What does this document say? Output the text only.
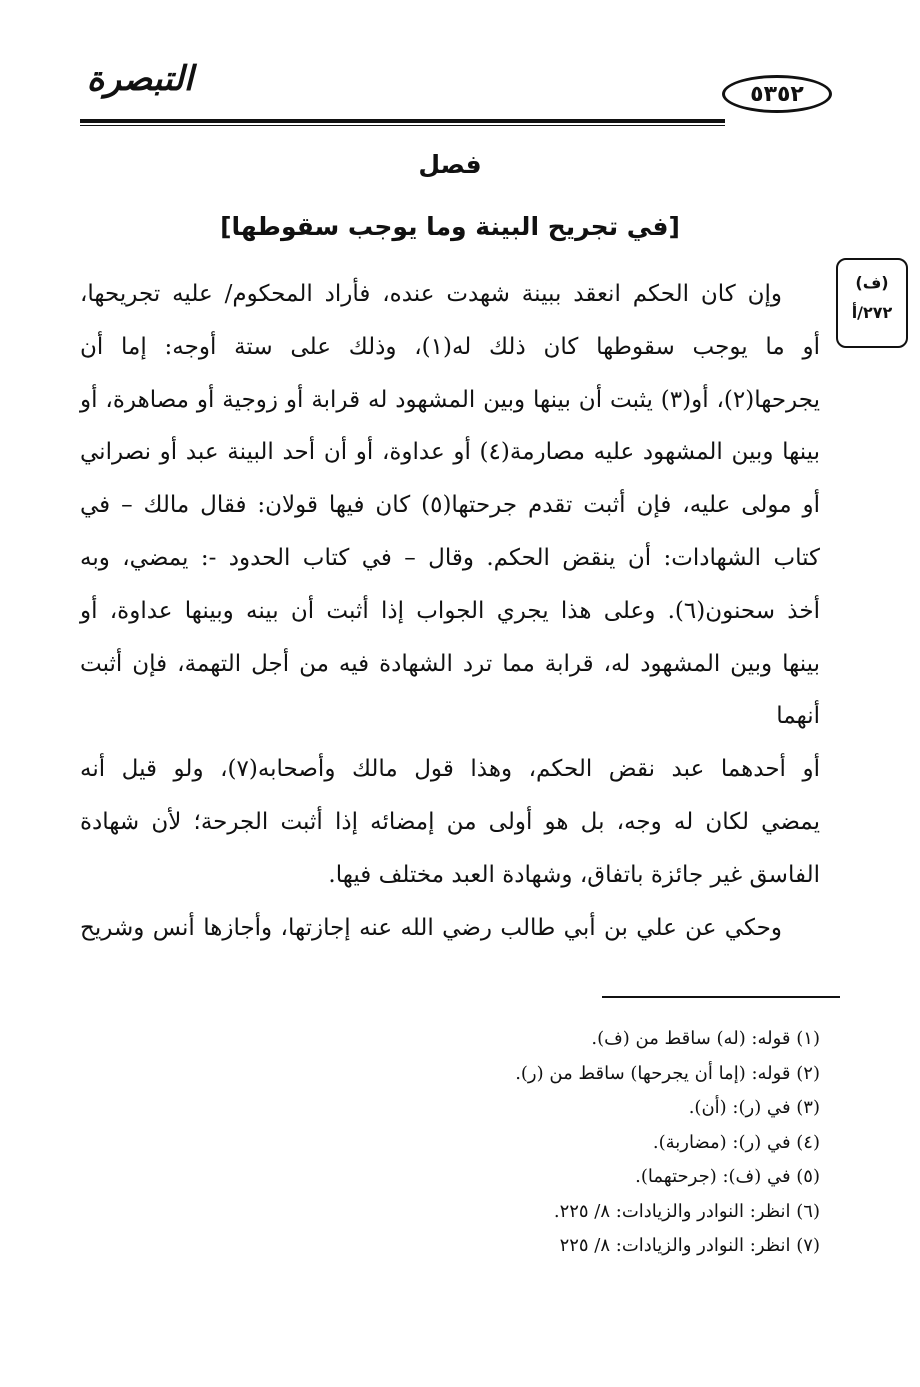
التبصرة	٥٣٥٢
فصل
[في تجريح البينة وما يوجب سقوطها]
(ف)
٢٧٢/أ

وإن كان الحكم انعقد ببينة شهدت عنده، فأراد المحكوم/ عليه تجريحها،

أو ما يوجب سقوطها كان ذلك له(١)، وذلك على ستة أوجه: إما أن

يجرحها(٢)، أو(٣) يثبت أن بينها وبين المشهود له قرابة أو زوجية أو مصاهرة، أو

بينها وبين المشهود عليه مصارمة(٤) أو عداوة، أو أن أحد البينة عبد أو نصراني

أو مولى عليه، فإن أثبت تقدم جرحتها(٥) كان فيها قولان: فقال مالك – في

كتاب الشهادات: أن ينقض الحكم. وقال – في كتاب الحدود -: يمضي، وبه

أخذ سحنون(٦). وعلى هذا يجري الجواب إذا أثبت أن بينه وبينها عداوة، أو

بينها وبين المشهود له، قرابة مما ترد الشهادة فيه من أجل التهمة، فإن أثبت أنهما

أو أحدهما عبد نقض الحكم، وهذا قول مالك وأصحابه(٧)، ولو قيل أنه

يمضي لكان له وجه، بل هو أولى من إمضائه إذا أثبت الجرحة؛ لأن شهادة

الفاسق غير جائزة باتفاق، وشهادة العبد مختلف فيها.

وحكي عن علي بن أبي طالب رضي الله عنه إجازتها، وأجازها أنس وشريح

(١) قوله: (له) ساقط من (ف).
(٢) قوله: (إما أن يجرحها) ساقط من (ر).
(٣) في (ر): (أن).
(٤) في (ر): (مضاربة).
(٥) في (ف): (جرحتهما).
(٦) انظر: النوادر والزيادات: ٨/ ٢٢٥.
(٧) انظر: النوادر والزيادات: ٨/ ٢٢٥
